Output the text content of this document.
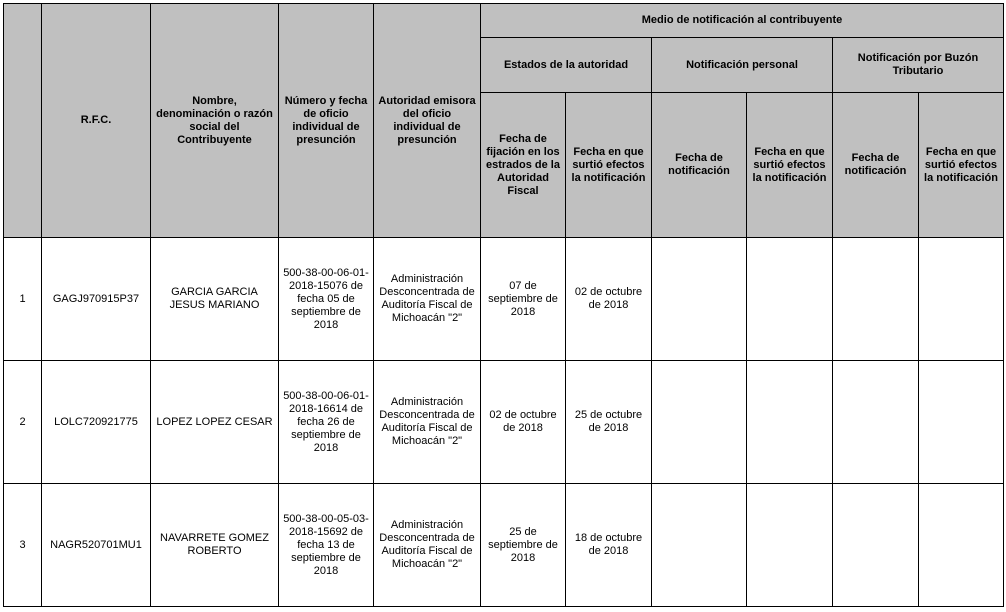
	R.F.C.	Nombre, denominación o razón social del Contribuyente	Número y fecha de oficio individual de presunción	Autoridad emisora del oficio individual de presunción	Medio de notificación al contribuyente					
					Estados de la autoridad		Notificación personal		Notificación por Buzón Tributario	
					Fecha de fijación en los estrados de la Autoridad Fiscal	Fecha en que surtió efectos la notificación	Fecha de notificación	Fecha en que surtió efectos la notificación	Fecha de notificación	Fecha en que surtió efectos la notificación
1	GAGJ970915P37	GARCIA GARCIA JESUS MARIANO	500-38-00-06-01-2018-15076 de fecha 05 de septiembre de 2018	Administración Desconcentrada de Auditoría Fiscal de Michoacán "2"	07 de septiembre de 2018	02 de octubre de 2018				
2	LOLC720921775	LOPEZ LOPEZ CESAR	500-38-00-06-01-2018-16614 de fecha 26 de septiembre de 2018	Administración Desconcentrada de Auditoría Fiscal de Michoacán "2"	02 de octubre de 2018	25 de octubre de 2018				
3	NAGR520701MU1	NAVARRETE GOMEZ ROBERTO	500-38-00-05-03-2018-15692 de fecha 13 de septiembre de 2018	Administración Desconcentrada de Auditoría Fiscal de Michoacán "2"	25 de septiembre de 2018	18 de octubre de 2018				
